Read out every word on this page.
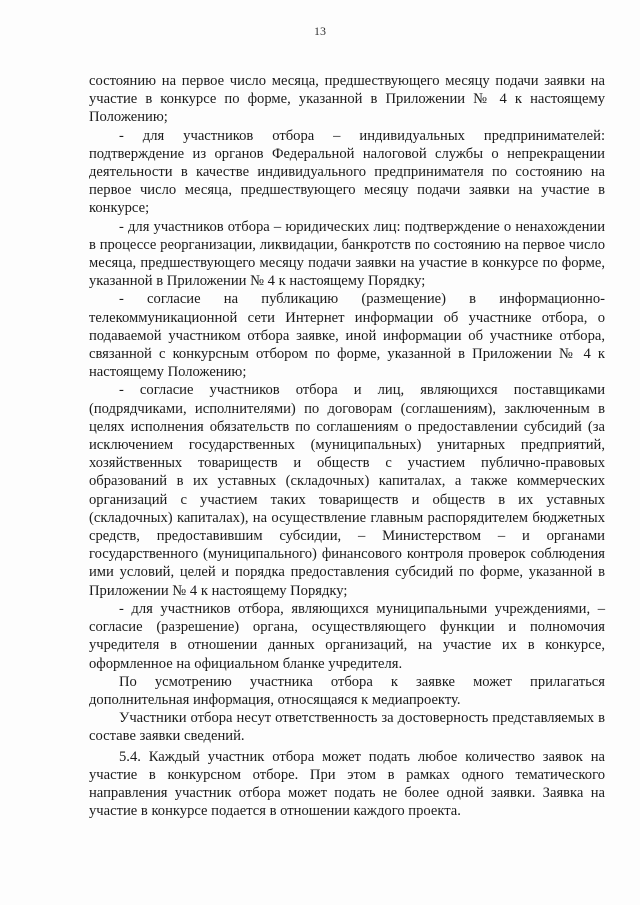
13

состоянию на первое число месяца, предшествующего месяцу подачи заявки на участие в конкурсе по форме, указанной в Приложении № 4 к настоящему Положению;

- для участников отбора – индивидуальных предпринимателей: подтверждение из органов Федеральной налоговой службы о непрекращении деятельности в качестве индивидуального предпринимателя по состоянию на первое число месяца, предшествующего месяцу подачи заявки на участие в конкурсе;

- для участников отбора – юридических лиц: подтверждение о ненахождении в процессе реорганизации, ликвидации, банкротств по состоянию на первое число месяца, предшествующего месяцу подачи заявки на участие в конкурсе по форме, указанной в Приложении № 4 к настоящему Порядку;

- согласие на публикацию (размещение) в информационно-телекоммуникационной сети Интернет информации об участнике отбора, о подаваемой участником отбора заявке, иной информации об участнике отбора, связанной с конкурсным отбором по форме, указанной в Приложении № 4 к настоящему Положению;

- согласие участников отбора и лиц, являющихся поставщиками (подрядчиками, исполнителями) по договорам (соглашениям), заключенным в целях исполнения обязательств по соглашениям о предоставлении субсидий (за исключением государственных (муниципальных) унитарных предприятий, хозяйственных товариществ и обществ с участием публично-правовых образований в их уставных (складочных) капиталах, а также коммерческих организаций с участием таких товариществ и обществ в их уставных (складочных) капиталах), на осуществление главным распорядителем бюджетных средств, предоставившим субсидии, – Министерством – и органами государственного (муниципального) финансового контроля проверок соблюдения ими условий, целей и порядка предоставления субсидий по форме, указанной в Приложении № 4 к настоящему Порядку;

- для участников отбора, являющихся муниципальными учреждениями, – согласие (разрешение) органа, осуществляющего функции и полномочия учредителя в отношении данных организаций, на участие их в конкурсе, оформленное на официальном бланке учредителя.

По усмотрению участника отбора к заявке может прилагаться дополнительная информация, относящаяся к медиапроекту.

Участники отбора несут ответственность за достоверность представляемых в составе заявки сведений.

5.4. Каждый участник отбора может подать любое количество заявок на участие в конкурсном отборе. При этом в рамках одного тематического направления участник отбора может подать не более одной заявки. Заявка на участие в конкурсе подается в отношении каждого проекта.
